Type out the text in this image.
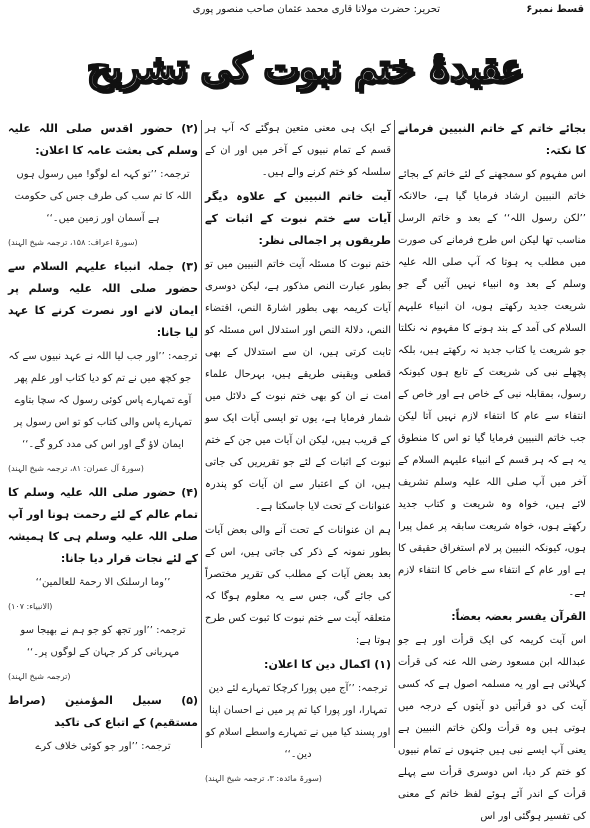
تحریر: حضرت مولانا قاری محمد عثمان صاحب منصور پوری	قسط نمبر۶
عقیدۂ ختم نبوت کی تشریح

بجائے خاتم کے خاتم النبیین فرمانے کا نکتہ:

اس مفہوم کو سمجھنے کے لئے خاتم کے بجائے خاتم النبیین ارشاد فرمایا گیا ہے، حالانکہ ’’لکن رسول اللہ‘‘ کے بعد و خاتم الرسل مناسب تھا لیکن اس طرح فرمانے کی صورت میں مطلب یہ ہوتا کہ آپ صلی اللہ علیہ وسلم کے بعد وہ انبیاء نہیں آئیں گے جو شریعت جدید رکھتے ہوں، ان انبیاء علیہم السلام کی آمد کے بند ہونے کا مفہوم نہ نکلتا جو شریعت یا کتاب جدید نہ رکھتے ہیں، بلکہ پچھلے نبی کی شریعت کے تابع ہوں کیونکہ رسول، بمقابلہ نبی کے خاص ہے اور خاص کے انتفاء سے عام کا انتفاء لازم نہیں آتا لیکن جب خاتم النبیین فرمایا گیا تو اس کا منطوق یہ ہے کہ ہر قسم کے انبیاء علیہم السلام کے آخر میں آپ صلی اللہ علیہ وسلم تشریف لائے ہیں، خواہ وہ شریعت و کتاب جدید رکھتے ہوں، خواہ شریعت سابقہ پر عمل پیرا ہوں، کیونکہ النبیین پر لام استغراق حقیقی کا ہے اور عام کے انتفاء سے خاص کا انتفاء لازم ہے۔

القرآن یفسر بعضہ بعضاً:

اس آیت کریمہ کی ایک قرأت اور ہے جو عبداللہ ابن مسعود رضی اللہ عنہ کی قرأت کہلاتی ہے اور یہ مسلمہ اصول ہے کہ کسی آیت کی دو قرأتیں دو آیتوں کے درجہ میں ہوتی ہیں وہ قرأت ولکن خاتم النبیین ہے یعنی آپ ایسے نبی ہیں جنہوں نے تمام نبیوں کو ختم کر دیا، اس دوسری قرأت سے پہلے قرأت کے اندر آئے ہوئے لفظ خاتم کے معنی کی تفسیر ہوگئی اور اس

کے ایک ہی معنی متعین ہوگئے کہ آپ ہر قسم کے تمام نبیوں کے آخر میں اور ان کے سلسلہ کو ختم کرنے والے ہیں۔

آیت خاتم النبیین کے علاوہ دیگر آیات سے ختم نبوت کے اثبات کے طریقوں پر اجمالی نظر:

ختم نبوت کا مسئلہ آیت خاتم النبیین میں تو بطور عبارت النص مذکور ہے، لیکن دوسری آیات کریمہ بھی بطور اشارۃ النص، اقتضاء النص، دلالۃ النص اور استدلال اس مسئلہ کو ثابت کرتی ہیں، ان سے استدلال کے بھی قطعی ویقینی طریقے ہیں، بہرحال علماء امت نے ان کو بھی ختم نبوت کے دلائل میں شمار فرمایا ہے، یوں تو ایسی آیات ایک سو کے قریب ہیں، لیکن ان آیات میں جن کے ختم نبوت کے اثبات کے لئے جو تقریریں کی جاتی ہیں، ان کے اعتبار سے ان آیات کو پندرہ عنوانات کے تحت لایا جاسکتا ہے۔

ہم ان عنوانات کے تحت آنے والی بعض آیات بطور نمونہ کے ذکر کی جاتی ہیں، اس کے بعد بعض آیات کے مطلب کی تقریر مختصراً کی جائے گی، جس سے یہ معلوم ہوگا کہ متعلقہ آیت سے ختم نبوت کا ثبوت کس طرح ہوتا ہے:

(۱) اکمال دین کا اعلان:

ترجمہ: ’’آج میں پورا کرچکا تمہارے لئے دین تمہارا، اور پورا کیا تم پر میں نے احسان اپنا اور پسند کیا میں نے تمہارے واسطے اسلام کو دین۔‘‘

(سورۃ مائدہ: ۳، ترجمہ شیخ الہند)

(۲) حضور اقدس صلی اللہ علیہ وسلم کی بعثت عامہ کا اعلان:

ترجمہ: ’’تو کہہ اے لوگو! میں رسول ہوں اللہ کا تم سب کی طرف جس کی حکومت ہے آسمان اور زمین میں۔‘‘

(سورۃ اعراف: ۱۵۸، ترجمہ شیخ الہند)

(۳) جملہ انبیاء علیہم السلام سے حضور صلی اللہ علیہ وسلم پر ایمان لانے اور نصرت کرنے کا عہد لیا جانا:

ترجمہ: ’’اور جب لیا اللہ نے عہد نبیوں سے کہ جو کچھ میں نے تم کو دیا کتاب اور علم پھر آوے تمہارے پاس کوئی رسول کہ سچا بتاوے تمہارے پاس والی کتاب کو تو اس رسول پر ایمان لاؤ گے اور اس کی مدد کرو گے۔‘‘

(سورۃ آل عمران: ۸۱، ترجمہ شیخ الہند)

(۴) حضور صلی اللہ علیہ وسلم کا تمام عالم کے لئے رحمت ہونا اور آپ صلی اللہ علیہ وسلم ہی کا ہمیشہ کے لئے نجات قرار دیا جانا:

’’وما ارسلنک الا رحمۃ للعالمین‘‘

(الانبیاء: ۱۰۷)

ترجمہ: ’’اور تجھ کو جو ہم نے بھیجا سو مہربانی کر کر جہان کے لوگوں پر۔‘‘

(ترجمہ شیخ الہند)

(۵) سبیل المؤمنین (صراط مستقیم) کے اتباع کی تاکید

ترجمہ: ’’اور جو کوئی خلاف کرے
